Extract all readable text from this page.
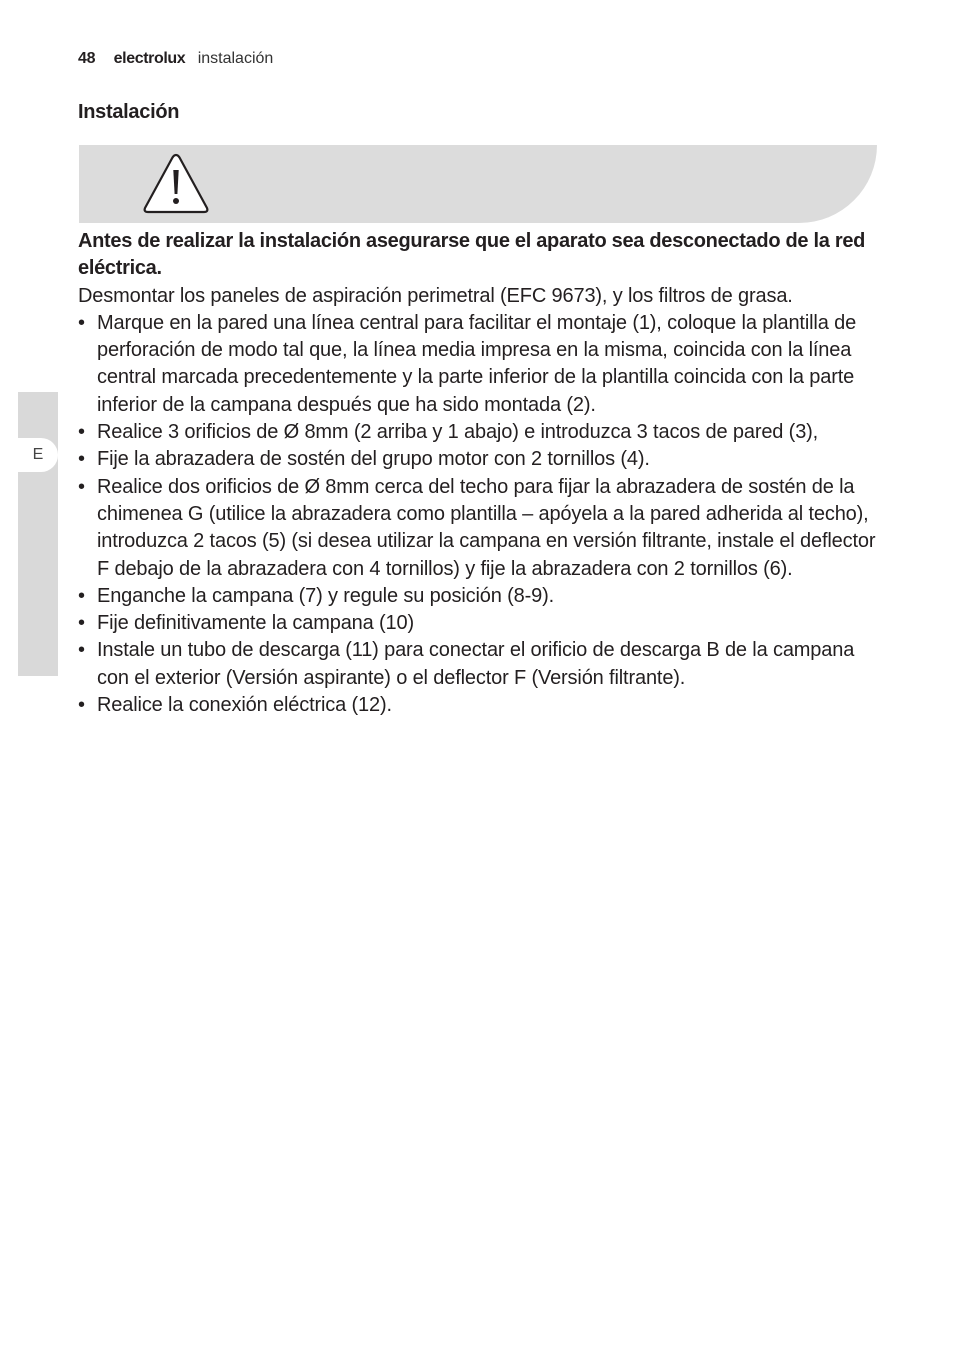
48 electrolux instalación
Instalación
E

Antes de realizar la instalación asegurarse que el aparato sea desconectado de la red eléctrica.

Desmontar los paneles de aspiración perimetral (EFC 9673), y los filtros de grasa.

• Marque en la pared una línea central para facilitar el montaje (1), coloque la plantilla de perforación de modo tal que, la línea media impresa en la misma, coincida con la línea central marcada precedentemente y la parte inferior de la plantilla coincida con la parte inferior de la campana después que ha sido montada (2).
• Realice 3 orificios de Ø 8mm (2 arriba y 1 abajo) e introduzca 3 tacos de pared (3),
• Fije la abrazadera de sostén del grupo motor con 2 tornillos (4).
• Realice dos orificios de Ø 8mm cerca del techo para fijar la abrazadera de sostén de la chimenea G (utilice la abrazadera como plantilla – apóyela a la pared adherida al techo), introduzca 2 tacos (5) (si desea utilizar la campana en versión filtrante, instale el deflector F debajo de la abrazadera con 4 tornillos) y fije la abrazadera con 2 tornillos (6).
• Enganche la campana (7) y regule su posición (8-9).
• Fije definitivamente la campana (10)
• Instale un tubo de descarga (11) para conectar el orificio de descarga B de la campana con el exterior (Versión aspirante) o el deflector F (Versión filtrante).
• Realice la conexión eléctrica (12).
